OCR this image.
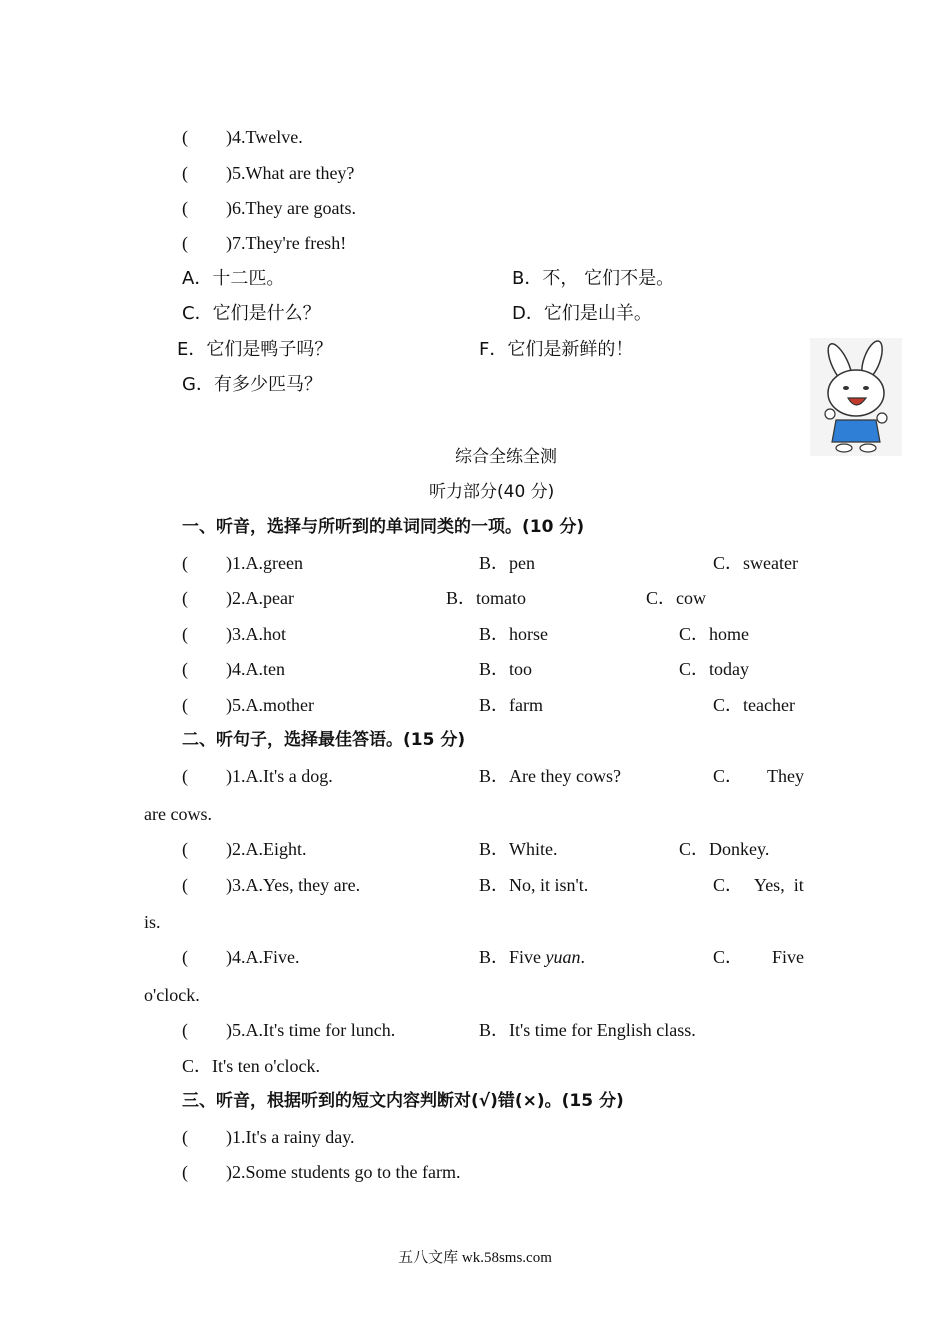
( )4.Twelve.
( )5.What are they?
( )6.They are goats.
( )7.They're fresh!
A．十二匹。	B．不， 它们不是。
C．它们是什么？	D．它们是山羊。
E．它们是鸭子吗？	F．它们是新鲜的！
G．有多少匹马？
综合全练全测
听力部分(40 分)
一、听音，选择与所听到的单词同类的一项。(10 分)
( )1.A.green	B．pen	C．sweater
( )2.A.pear	B．tomato	C．cow
( )3.A.hot	B．horse	C．home
( )4.A.ten	B．too	C．today
( )5.A.mother	B．farm	C．teacher
二、听句子，选择最佳答语。(15 分)
( )1.A.It's a dog.	B．Are they cows?	C． They
are cows.
( )2.A.Eight.	B．White.	C．Donkey.
( )3.A.Yes, they are.	B．No, it isn't.	C． Yes,  it
is.
( )4.A.Five.	B．Five yuan.	C． Five
o'clock.
( )5.A.It's time for lunch.	B．It's time for English class.
C．It's ten o'clock.
三、听音，根据听到的短文内容判断对(√)错(×)。(15 分)
( )1.It's a rainy day.
( )2.Some students go to the farm.
五八文库 wk.58sms.com
